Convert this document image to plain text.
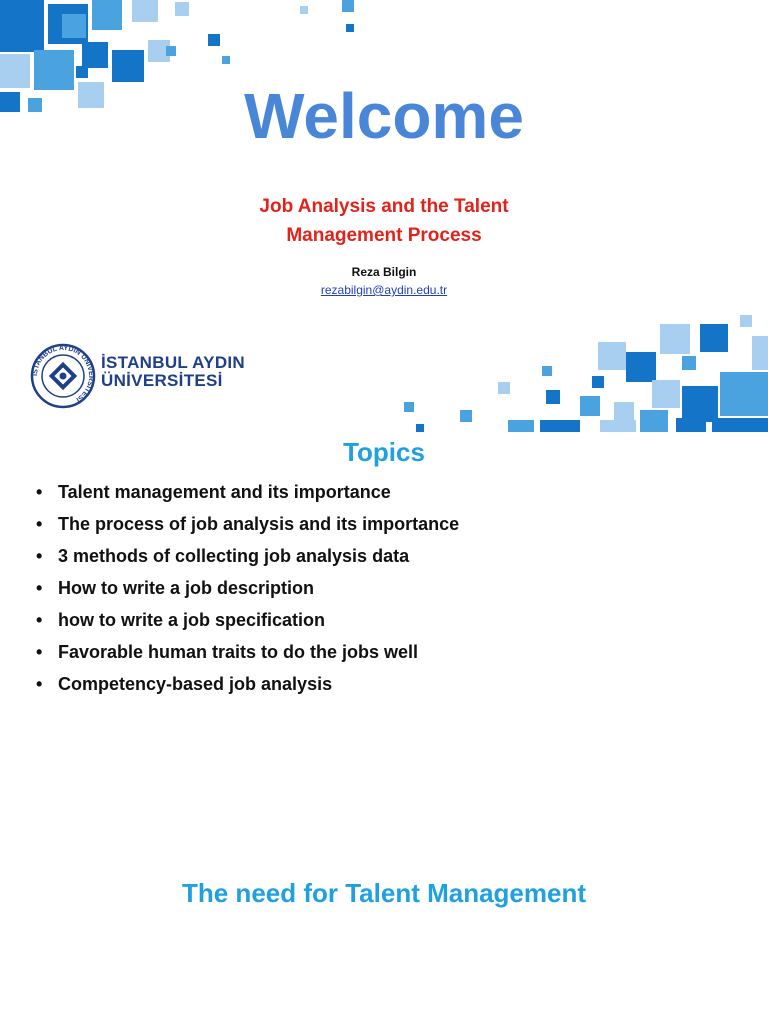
Welcome
Job Analysis and the Talent
Management Process
Reza Bilgin
rezabilgin@aydin.edu.tr
İSTANBUL AYDIN ÜNİVERSİTESİ
İSTANBUL AYDIN
ÜNİVERSİTESİ
Topics
• Talent management and its importance
• The process of job analysis and its importance
• 3 methods of collecting job analysis data
• How to write a job description
• how to write a job specification
• Favorable human traits to do the jobs well
• Competency-based job analysis
The need for Talent Management
